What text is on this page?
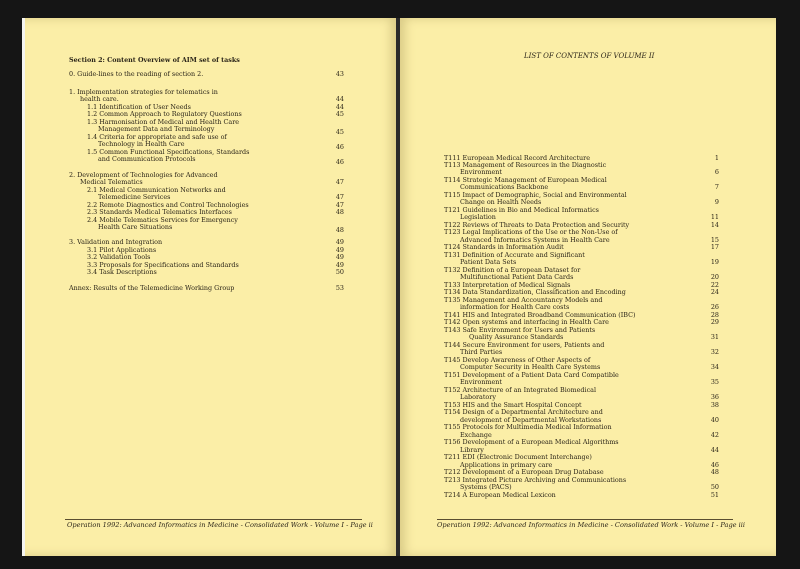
Section 2: Content Overview of AIM set of tasks
0. Guide-lines to the reading of section 2.	43
1. Implementation strategies for telematics in
health care.	44
1.1 Identification of User Needs	44
1.2 Common Approach to Regulatory Questions	45
1.3 Harmonisation of Medical and Health Care
Management Data and Terminology	45
1.4 Criteria for appropriate and safe use of
Technology in Health Care	46
1.5 Common Functional Specifications, Standards
and Communication Protocols	46
2. Development of Technologies for Advanced
Medical Telematics	47
2.1 Medical Communication Networks and
Telemedicine Services	47
2.2 Remote Diagnostics and Control Technologies	47
2.3 Standards Medical Telematics Interfaces	48
2.4 Mobile Telematics Services for Emergency
Health Care Situations	48
3. Validation and Integration	49
3.1 Pilot Applications	49
3.2 Validation Tools	49
3.3 Proposals for Specifications and Standards	49
3.4 Task Descriptions	50
Annex: Results of the Telemedicine Working Group	53
Operation 1992: Advanced Informatics in Medicine - Consolidated Work - Volume I - Page ii
LIST OF CONTENTS OF VOLUME II
T111 European Medical Record Architecture	1
T113 Management of Resources in the Diagnostic
Environment	6
T114 Strategic Management of European Medical
Communications Backbone	7
T115 Impact of Demographic, Social and Environmental
Change on Health Needs	9
T121 Guidelines in Bio and Medical Informatics
Legislation	11
T122 Reviews of Threats to Data Protection and Security	14
T123 Legal Implications of the Use or the Non-Use of
Advanced Informatics Systems in Health Care	15
T124 Standards in Information Audit	17
T131 Definition of Accurate and Significant
Patient Data Sets	19
T132 Definition of a European Dataset for
Multifunctional Patient Data Cards	20
T133 Interpretation of Medical Signals	22
T134 Data Standardization, Classification and Encoding	24
T135 Management and Accountancy Models and
information for Health Care costs	26
T141 HIS and Integrated Broadband Communication (IBC)	28
T142 Open systems and interfacing in Health Care	29
T143 Safe Environment for Users and Patients
Quality Assurance Standards	31
T144 Secure Environment for users, Patients and
Third Parties	32
T145 Develop Awareness of Other Aspects of
Computer Security in Health Care Systems	34
T151 Development of a Patient Data Card Compatible
Environment	35
T152 Architecture of an Integrated Biomedical
Laboratory	36
T153 HIS and the Smart Hospital Concept	38
T154 Design of a Departmental Architecture and
development of Departmental Workstations	40
T155 Protocols for Multimedia Medical Information
Exchange	42
T156 Development of a European Medical Algorithms
Library	44
T211 EDI (Electronic Document Interchange)
Applications in primary care	46
T212 Development of a European Drug Database	48
T213 Integrated Picture Archiving and Communications
Systems (PACS)	50
T214 A European Medical Lexicon	51
Operation 1992: Advanced Informatics in Medicine - Consolidated Work - Volume I - Page iii
